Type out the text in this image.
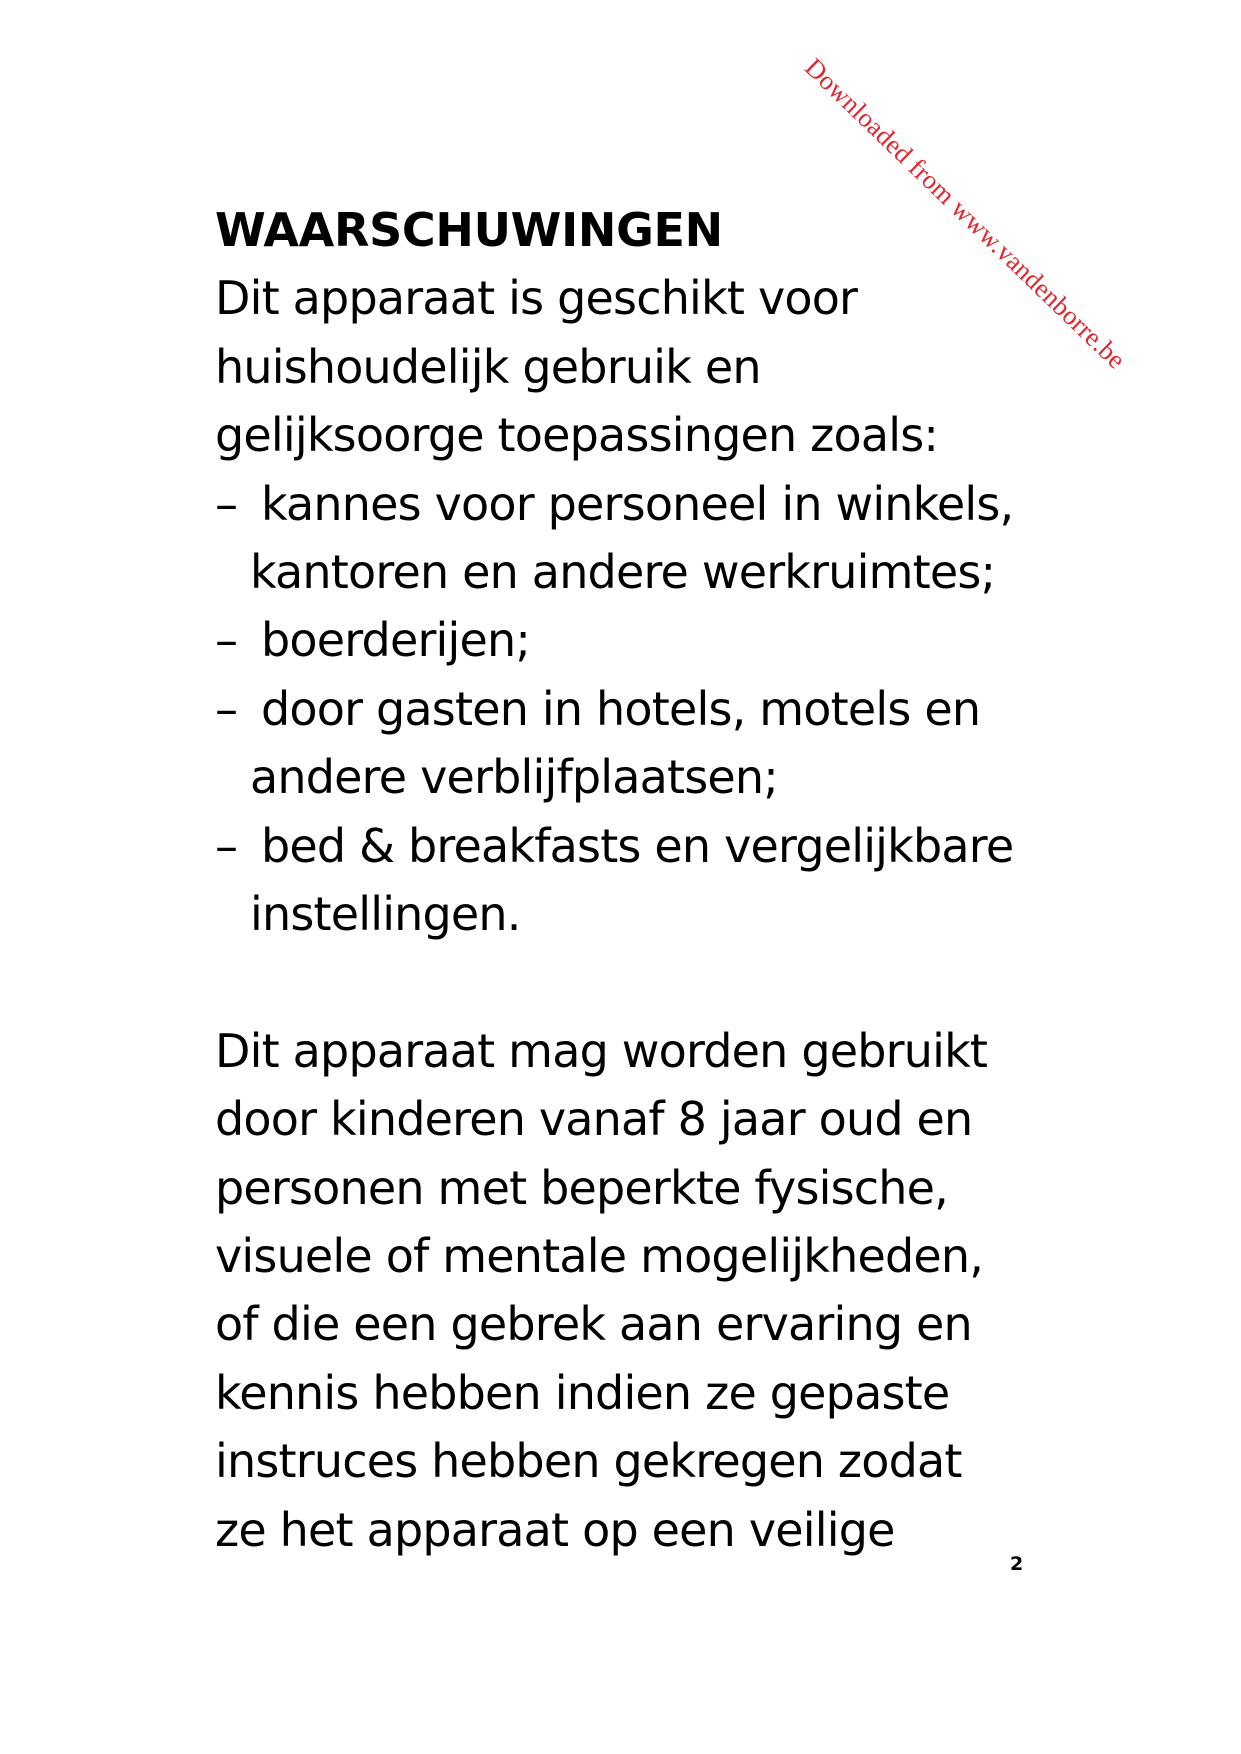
Downloaded from www.vandenborre.be
WAARSCHUWINGEN
Dit apparaat is geschikt voor
huishoudelijk gebruik en
gelijksoorge toepassingen zoals:
– kannes voor personeel in winkels,
kantoren en andere werkruimtes;
– boerderijen;
– door gasten in hotels, motels en
andere verblijfplaatsen;
– bed & breakfasts en vergelijkbare
instellingen.
Dit apparaat mag worden gebruikt
door kinderen vanaf 8 jaar oud en
personen met beperkte fysische,
visuele of mentale mogelijkheden,
of die een gebrek aan ervaring en
kennis hebben indien ze gepaste
instruces hebben gekregen zodat
ze het apparaat op een veilige
2
